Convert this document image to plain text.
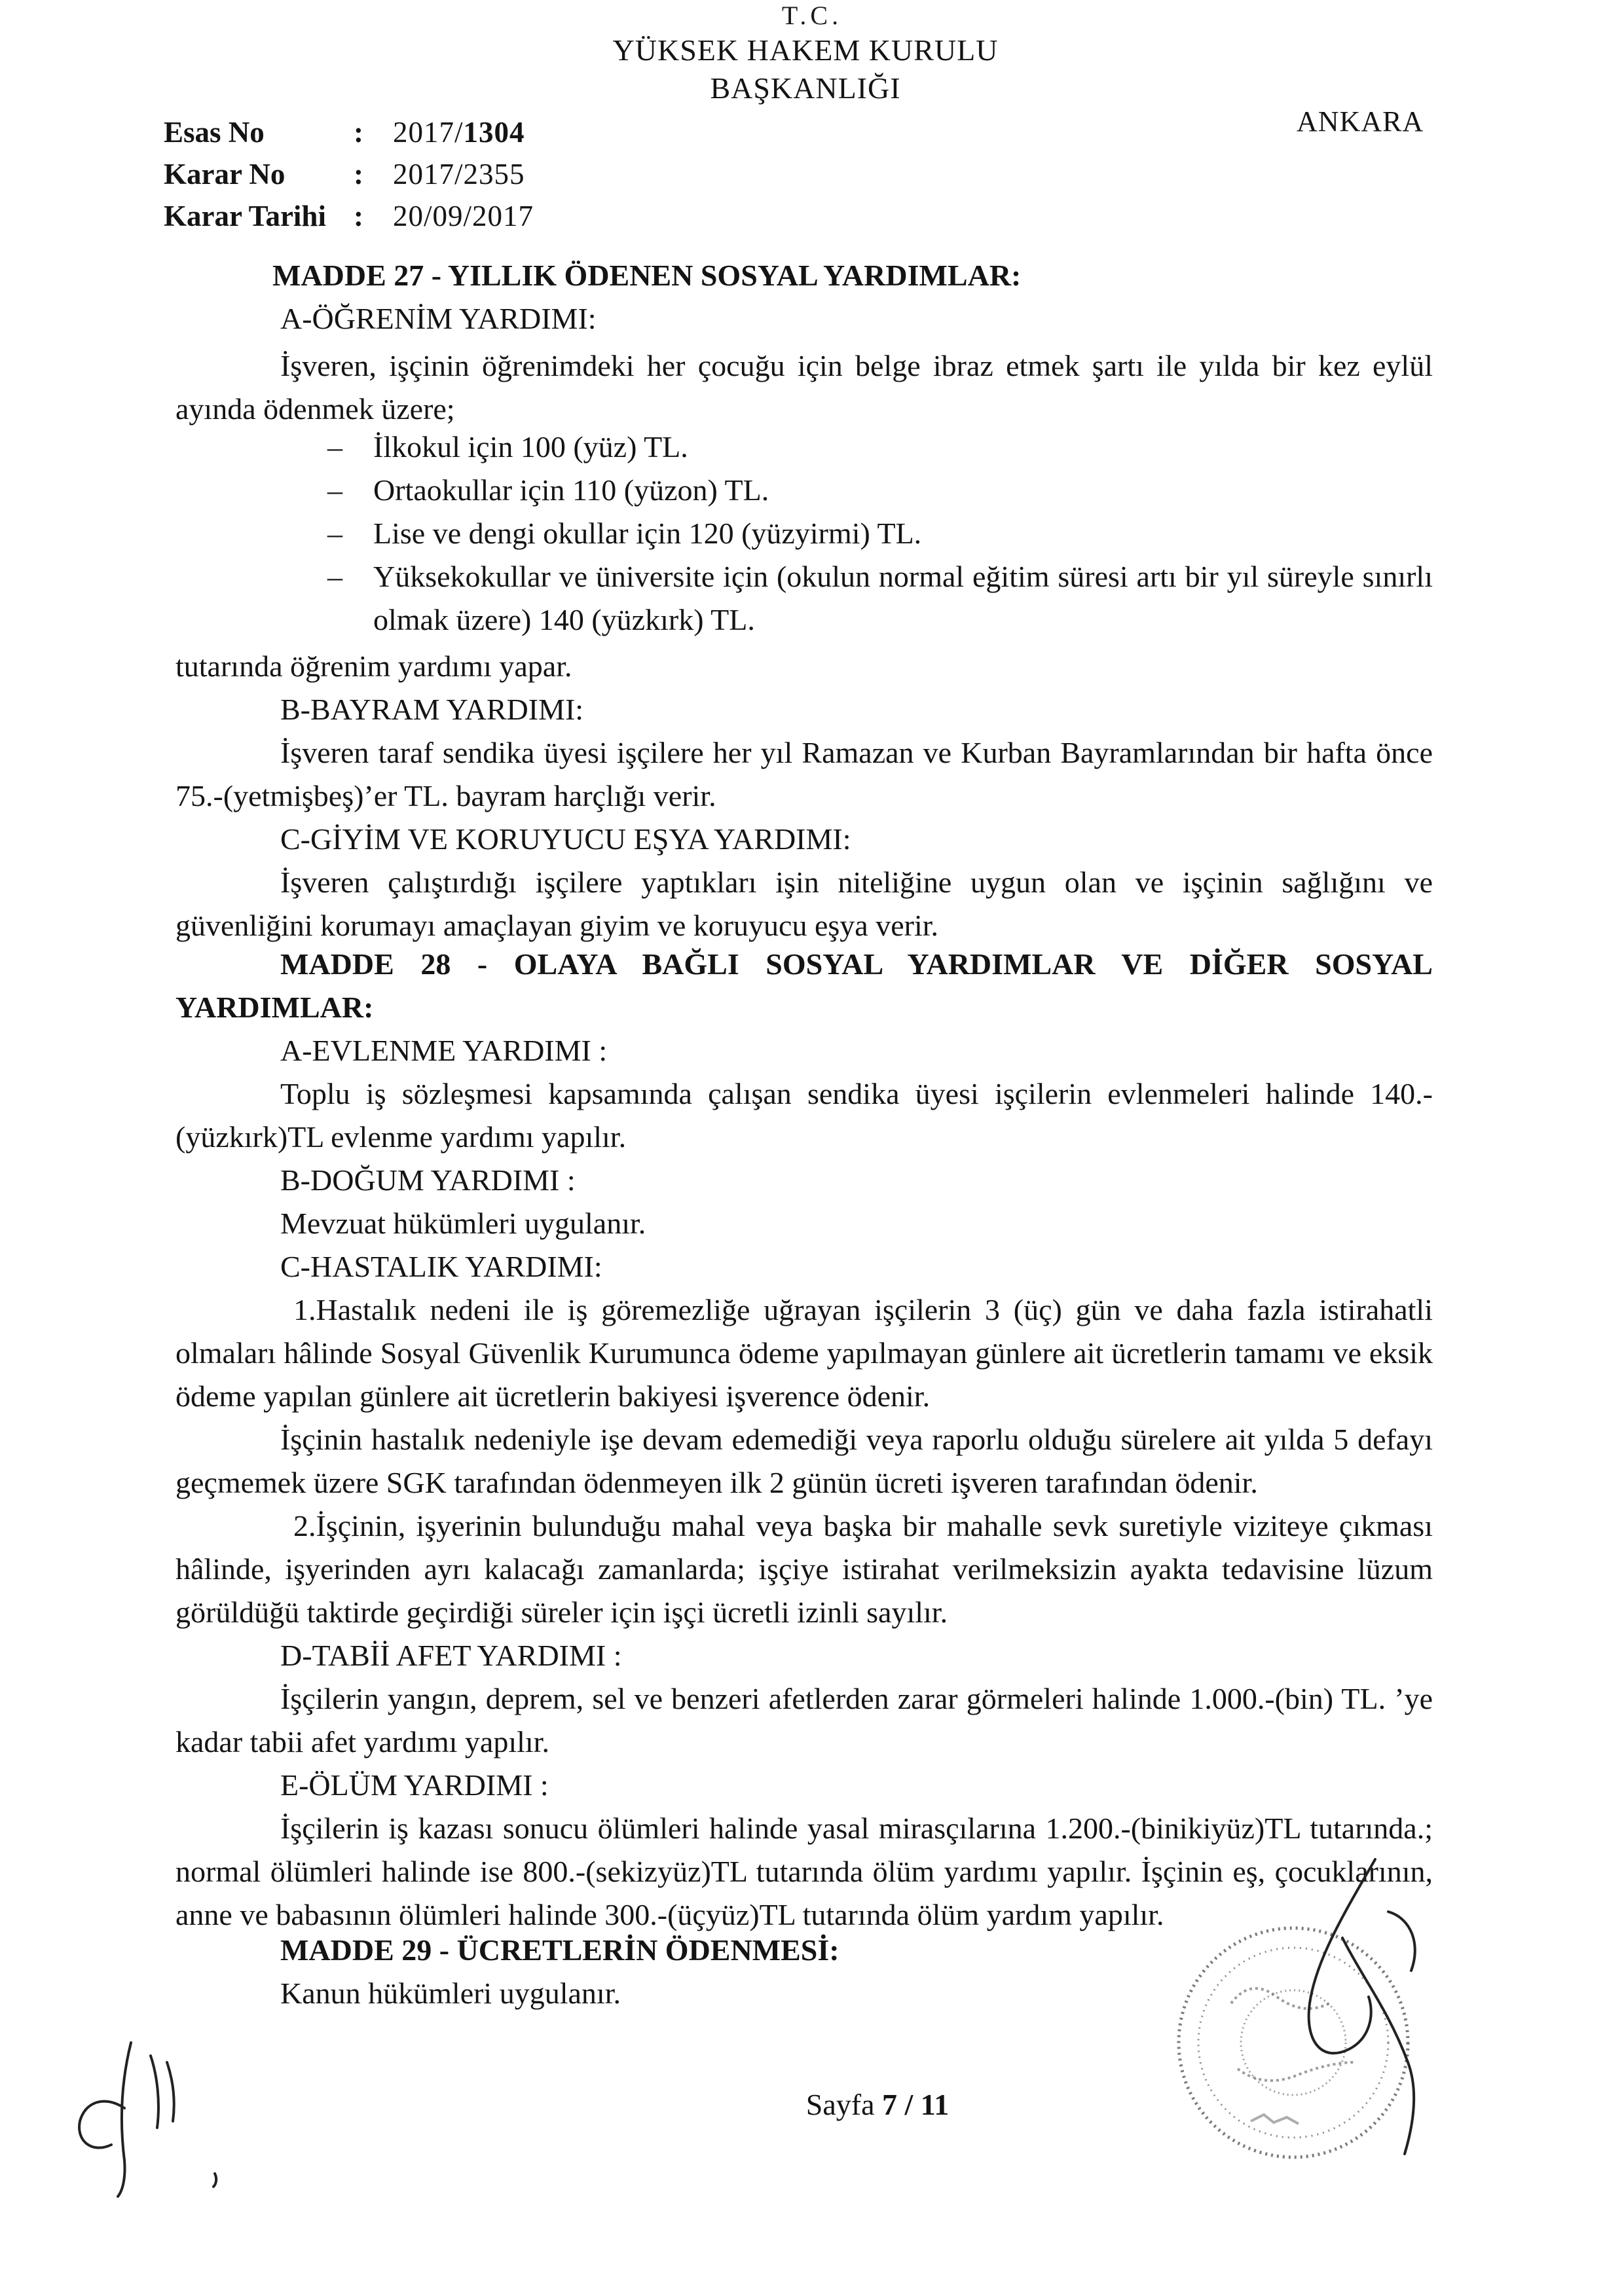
T.C.
YÜKSEK HAKEM KURULU
BAŞKANLIĞI
ANKARA
Esas No	:	2017/1304
Karar No	:	2017/2355
Karar Tarihi :	20/09/2017
MADDE 27 - YILLIK ÖDENEN SOSYAL YARDIMLAR:
A-ÖĞRENİM YARDIMI:
İşveren, işçinin öğrenimdeki her çocuğu için belge ibraz etmek şartı ile yılda bir kez eylül ayında ödenmek üzere;
–	İlkokul için 100 (yüz) TL.
–	Ortaokullar için 110 (yüzon) TL.
–	Lise ve dengi okullar için 120 (yüzyirmi) TL.
–	Yüksekokullar ve üniversite için (okulun normal eğitim süresi artı bir yıl süreyle sınırlı olmak üzere) 140 (yüzkırk) TL.
tutarında öğrenim yardımı yapar.
B-BAYRAM YARDIMI:
İşveren taraf sendika üyesi işçilere her yıl Ramazan ve Kurban Bayramlarından bir hafta önce 75.-(yetmişbeş)’er TL. bayram harçlığı verir.
C-GİYİM VE KORUYUCU EŞYA YARDIMI:
İşveren çalıştırdığı işçilere yaptıkları işin niteliğine uygun olan ve işçinin sağlığını ve güvenliğini korumayı amaçlayan giyim ve koruyucu eşya verir.
MADDE 28 - OLAYA BAĞLI SOSYAL YARDIMLAR VE DİĞER SOSYAL YARDIMLAR:
A-EVLENME YARDIMI :
Toplu iş sözleşmesi kapsamında çalışan sendika üyesi işçilerin evlenmeleri halinde 140.-(yüzkırk)TL evlenme yardımı yapılır.
B-DOĞUM YARDIMI :
Mevzuat hükümleri uygulanır.
C-HASTALIK YARDIMI:
1.Hastalık nedeni ile iş göremezliğe uğrayan işçilerin 3 (üç) gün ve daha fazla istirahatli olmaları hâlinde Sosyal Güvenlik Kurumunca ödeme yapılmayan günlere ait ücretlerin tamamı ve eksik ödeme yapılan günlere ait ücretlerin bakiyesi işverence ödenir.
İşçinin hastalık nedeniyle işe devam edemediği veya raporlu olduğu sürelere ait yılda 5 defayı geçmemek üzere SGK tarafından ödenmeyen ilk 2 günün ücreti işveren tarafından ödenir.
2.İşçinin, işyerinin bulunduğu mahal veya başka bir mahalle sevk suretiyle viziteye çıkması hâlinde, işyerinden ayrı kalacağı zamanlarda; işçiye istirahat verilmeksizin ayakta tedavisine lüzum görüldüğü taktirde geçirdiği süreler için işçi ücretli izinli sayılır.
D-TABİİ AFET YARDIMI :
İşçilerin yangın, deprem, sel ve benzeri afetlerden zarar görmeleri halinde 1.000.-(bin) TL. ’ye kadar tabii afet yardımı yapılır.
E-ÖLÜM YARDIMI :
İşçilerin iş kazası sonucu ölümleri halinde yasal mirasçılarına 1.200.-(binikiyüz)TL tutarında.; normal ölümleri halinde ise 800.-(sekizyüz)TL tutarında ölüm yardımı yapılır. İşçinin eş, çocuklarının, anne ve babasının ölümleri halinde 300.-(üçyüz)TL tutarında ölüm yardım yapılır.
MADDE 29 - ÜCRETLERİN ÖDENMESİ:
Kanun hükümleri uygulanır.
Sayfa 7 / 11
